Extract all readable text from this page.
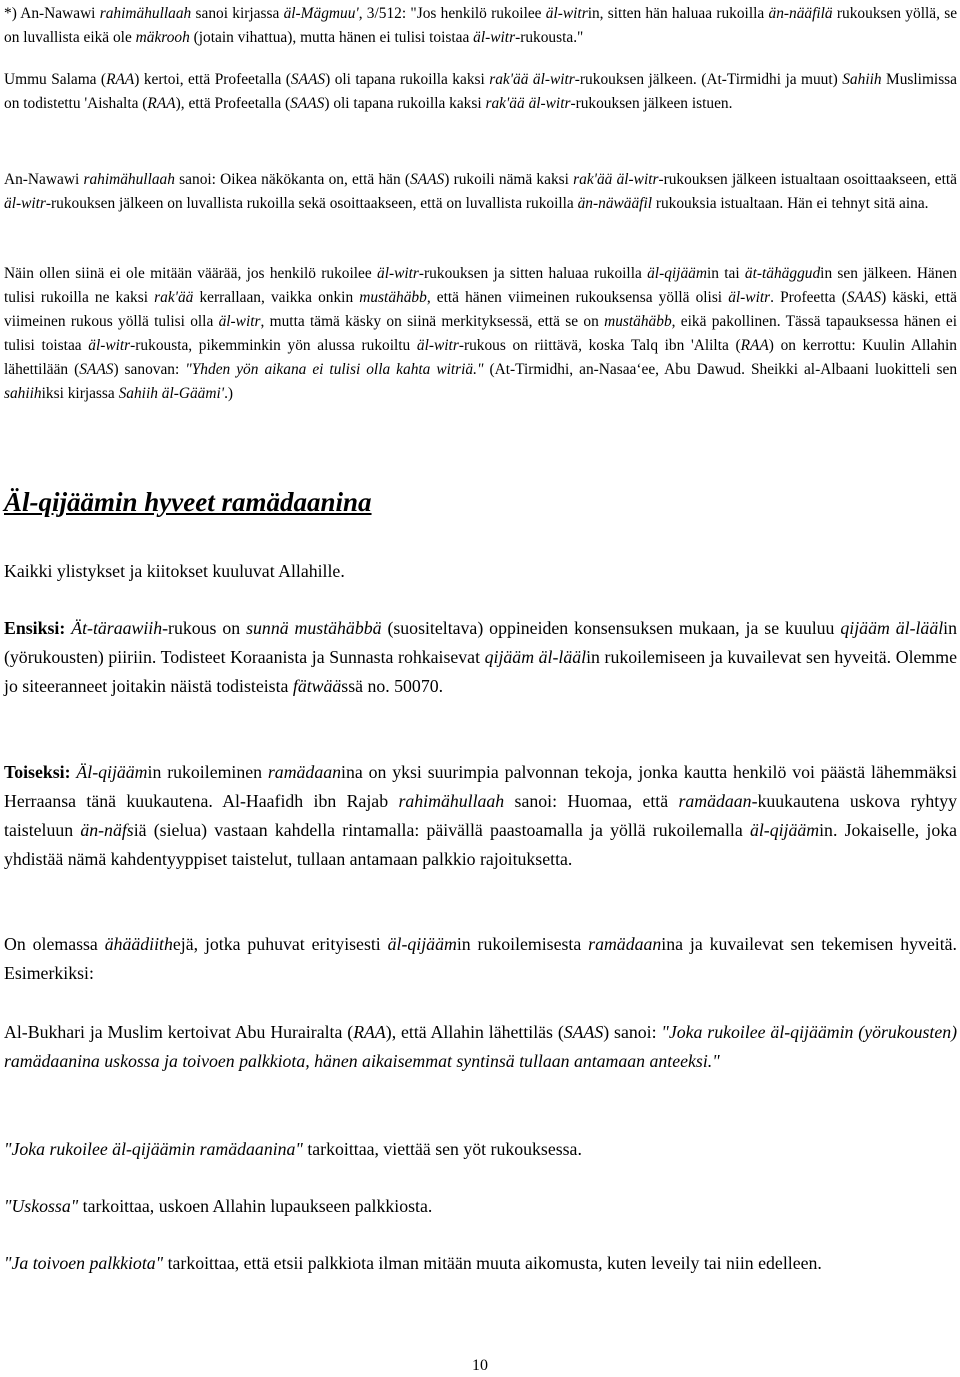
*) An-Nawawi rahimähullaah sanoi kirjassa äl-Mägmuu', 3/512: "Jos henkilö rukoilee äl-witrin, sitten hän haluaa rukoilla än-nääfilä rukouksen yöllä, se on luvallista eikä ole mäkrooh (jotain vihattua), mutta hänen ei tulisi toistaa äl-witr-rukousta."

Ummu Salama (RAA) kertoi, että Profeetalla (SAAS) oli tapana rukoilla kaksi rak'ää äl-witr-rukouksen jälkeen. (At-Tirmidhi ja muut) Sahiih Muslimissa on todistettu 'Aishalta (RAA), että Profeetalla (SAAS) oli tapana rukoilla kaksi rak'ää äl-witr-rukouksen jälkeen istuen.

An-Nawawi rahimähullaah sanoi: Oikea näkökanta on, että hän (SAAS) rukoili nämä kaksi rak'ää äl-witr-rukouksen jälkeen istualtaan osoittaakseen, että äl-witr-rukouksen jälkeen on luvallista rukoilla sekä osoittaakseen, että on luvallista rukoilla än-näwääfil rukouksia istualtaan. Hän ei tehnyt sitä aina.

Näin ollen siinä ei ole mitään väärää, jos henkilö rukoilee äl-witr-rukouksen ja sitten haluaa rukoilla äl-qijäämin tai ät-tähäggudin sen jälkeen. Hänen tulisi rukoilla ne kaksi rak'ää kerrallaan, vaikka onkin mustähäbb, että hänen viimeinen rukouksensa yöllä olisi äl-witr. Profeetta (SAAS) käski, että viimeinen rukous yöllä tulisi olla äl-witr, mutta tämä käsky on siinä merkityksessä, että se on mustähäbb, eikä pakollinen. Tässä tapauksessa hänen ei tulisi toistaa äl-witr-rukousta, pikemminkin yön alussa rukoiltu äl-witr-rukous on riittävä, koska Talq ibn 'Alilta (RAA) on kerrottu: Kuulin Allahin lähettilään (SAAS) sanovan: "Yhden yön aikana ei tulisi olla kahta witriä." (At-Tirmidhi, an-Nasaa‘ee, Abu Dawud. Sheikki al-Albaani luokitteli sen sahiihiksi kirjassa Sahiih äl-Gäämi'.)

Äl-qijäämin hyveet ramädaanina

Kaikki ylistykset ja kiitokset kuuluvat Allahille.

Ensiksi: Ät-täraawiih-rukous on sunnä mustähäbbä (suositeltava) oppineiden konsensuksen mukaan, ja se kuuluu qijääm äl-läälin (yörukousten) piiriin. Todisteet Koraanista ja Sunnasta rohkaisevat qijääm äl-läälin rukoilemiseen ja kuvailevat sen hyveitä. Olemme jo siteeranneet joitakin näistä todisteista fätwäässä no. 50070.

Toiseksi: Äl-qijäämin rukoileminen ramädaanina on yksi suurimpia palvonnan tekoja, jonka kautta henkilö voi päästä lähemmäksi Herraansa tänä kuukautena. Al-Haafidh ibn Rajab rahimähullaah sanoi: Huomaa, että ramädaan-kuukautena uskova ryhtyy taisteluun än-näfsiä (sielua) vastaan kahdella rintamalla: päivällä paastoamalla ja yöllä rukoilemalla äl-qijäämin. Jokaiselle, joka yhdistää nämä kahdentyyppiset taistelut, tullaan antamaan palkkio rajoituksetta.

On olemassa ähäädiithejä, jotka puhuvat erityisesti äl-qijäämin rukoilemisesta ramädaanina ja kuvailevat sen tekemisen hyveitä. Esimerkiksi:

Al-Bukhari ja Muslim kertoivat Abu Hurairalta (RAA), että Allahin lähettiläs (SAAS) sanoi: "Joka rukoilee äl-qijäämin (yörukousten) ramädaanina uskossa ja toivoen palkkiota, hänen aikaisemmat syntinsä tullaan antamaan anteeksi."

"Joka rukoilee äl-qijäämin ramädaanina" tarkoittaa, viettää sen yöt rukouksessa.

"Uskossa" tarkoittaa, uskoen Allahin lupaukseen palkkiosta.

"Ja toivoen palkkiota" tarkoittaa, että etsii palkkiota ilman mitään muuta aikomusta, kuten leveily tai niin edelleen.

10
